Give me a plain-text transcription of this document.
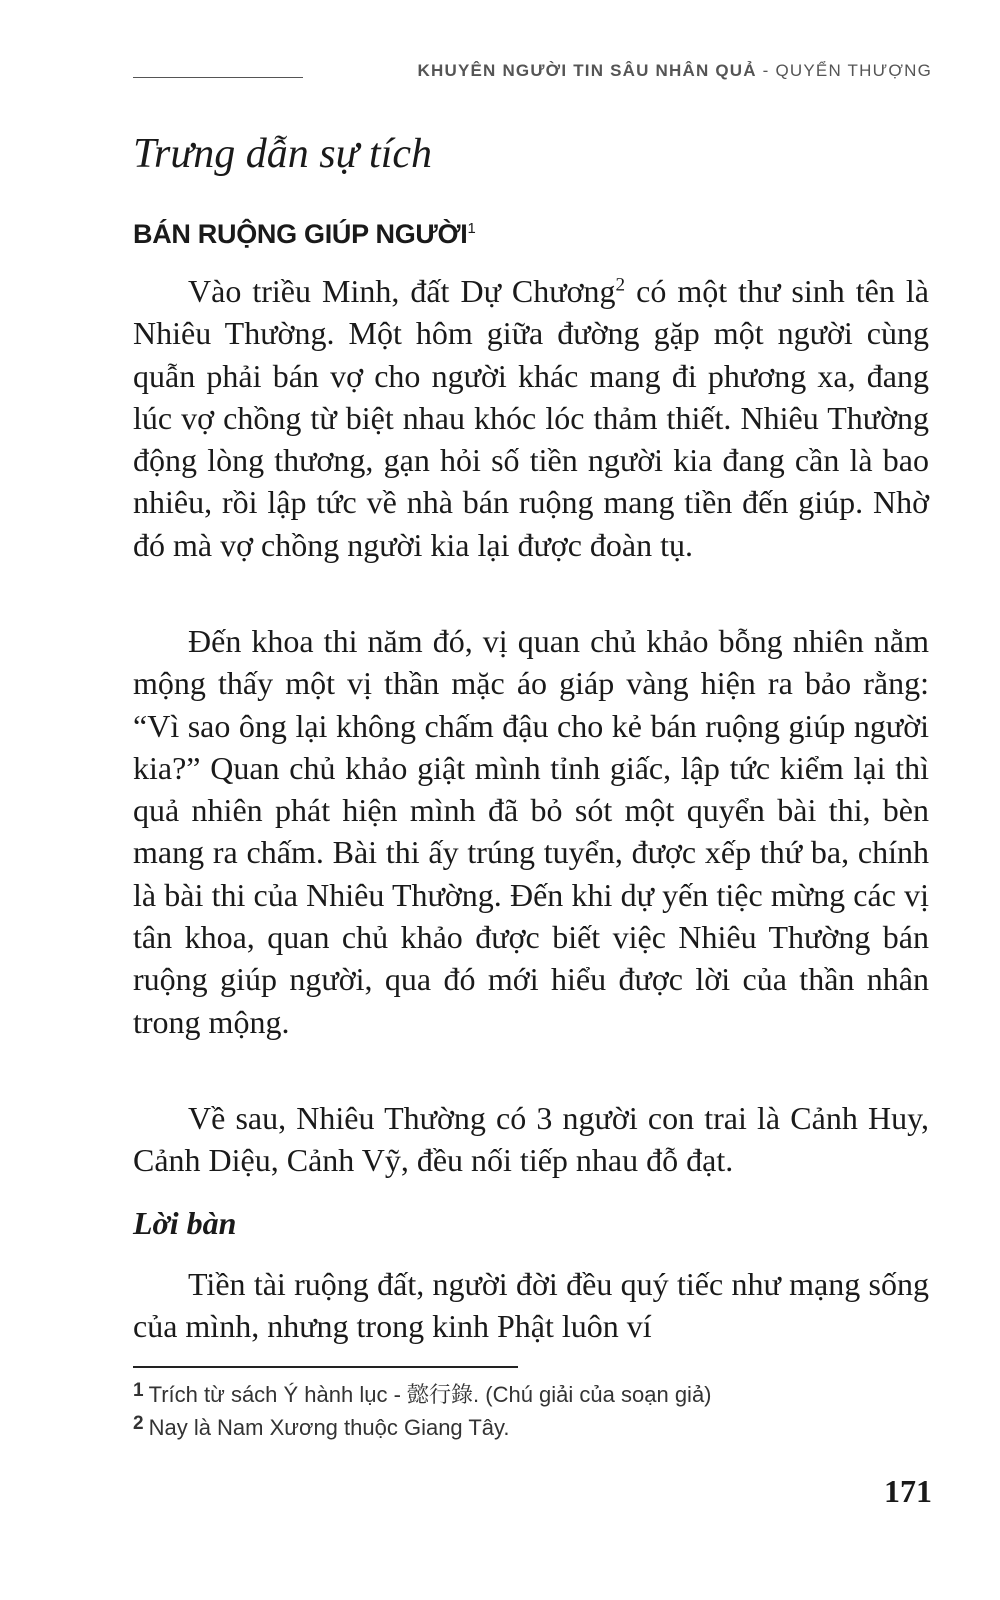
KHUYÊN NGƯỜI TIN SÂU NHÂN QUẢ - QUYỂN THƯỢNG
Trưng dẫn sự tích
BÁN RUỘNG GIÚP NGƯỜI$^1$

Vào triều Minh, đất Dự Chương$^2$ có một thư sinh tên là Nhiêu Thường. Một hôm giữa đường gặp một người cùng quẫn phải bán vợ cho người khác mang đi phương xa, đang lúc vợ chồng từ biệt nhau khóc lóc thảm thiết. Nhiêu Thường động lòng thương, gạn hỏi số tiền người kia đang cần là bao nhiêu, rồi lập tức về nhà bán ruộng mang tiền đến giúp. Nhờ đó mà vợ chồng người kia lại được đoàn tụ.

Đến khoa thi năm đó, vị quan chủ khảo bỗng nhiên nằm mộng thấy một vị thần mặc áo giáp vàng hiện ra bảo rằng: “Vì sao ông lại không chấm đậu cho kẻ bán ruộng giúp người kia?” Quan chủ khảo giật mình tỉnh giấc, lập tức kiểm lại thì quả nhiên phát hiện mình đã bỏ sót một quyển bài thi, bèn mang ra chấm. Bài thi ấy trúng tuyển, được xếp thứ ba, chính là bài thi của Nhiêu Thường. Đến khi dự yến tiệc mừng các vị tân khoa, quan chủ khảo được biết việc Nhiêu Thường bán ruộng giúp người, qua đó mới hiểu được lời của thần nhân trong mộng.

Về sau, Nhiêu Thường có 3 người con trai là Cảnh Huy, Cảnh Diệu, Cảnh Vỹ, đều nối tiếp nhau đỗ đạt.

Lời bàn

Tiền tài ruộng đất, người đời đều quý tiếc như mạng sống của mình, nhưng trong kinh Phật luôn ví

1 Trích từ sách Ý hành lục - 懿行錄. (Chú giải của soạn giả)

2 Nay là Nam Xương thuộc Giang Tây.

171
